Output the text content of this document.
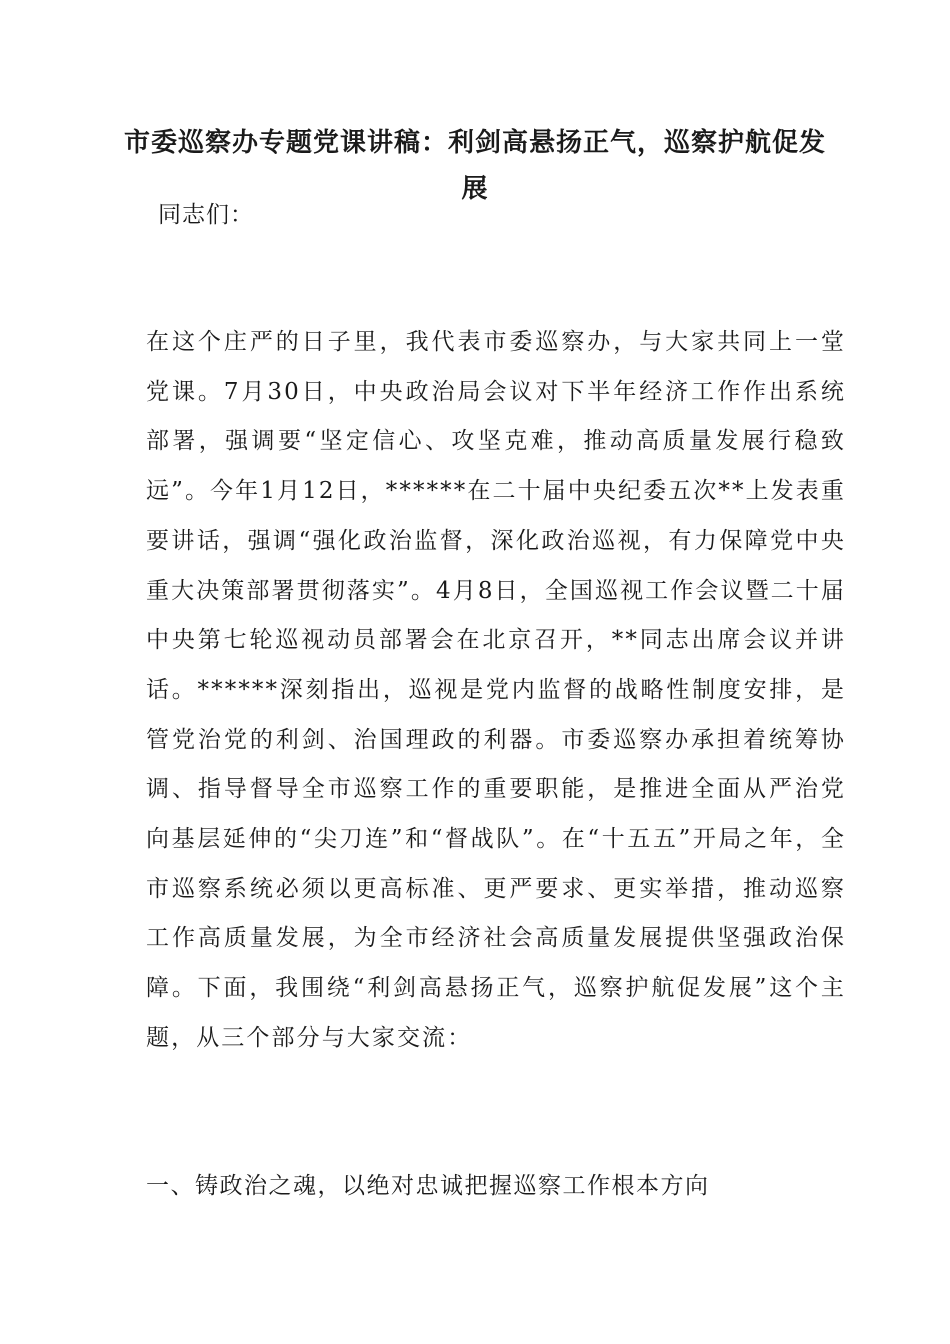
市委巡察办专题党课讲稿：利剑高悬扬正气，巡察护航促发展

同志们：

在这个庄严的日子里，我代表市委巡察办，与大家共同上一堂党课。7月30日，中央政治局会议对下半年经济工作作出系统部署，强调要“坚定信心、攻坚克难，推动高质量发展行稳致远”。今年1月12日，******在二十届中央纪委五次**上发表重要讲话，强调“强化政治监督，深化政治巡视，有力保障党中央重大决策部署贯彻落实”。4月8日，全国巡视工作会议暨二十届中央第七轮巡视动员部署会在北京召开，**同志出席会议并讲话。******深刻指出，巡视是党内监督的战略性制度安排，是管党治党的利剑、治国理政的利器。市委巡察办承担着统筹协调、指导督导全市巡察工作的重要职能，是推进全面从严治党向基层延伸的“尖刀连”和“督战队”。在“十五五”开局之年，全市巡察系统必须以更高标准、更严要求、更实举措，推动巡察工作高质量发展，为全市经济社会高质量发展提供坚强政治保障。下面，我围绕“利剑高悬扬正气，巡察护航促发展”这个主题，从三个部分与大家交流：

一、铸政治之魂，以绝对忠诚把握巡察工作根本方向
